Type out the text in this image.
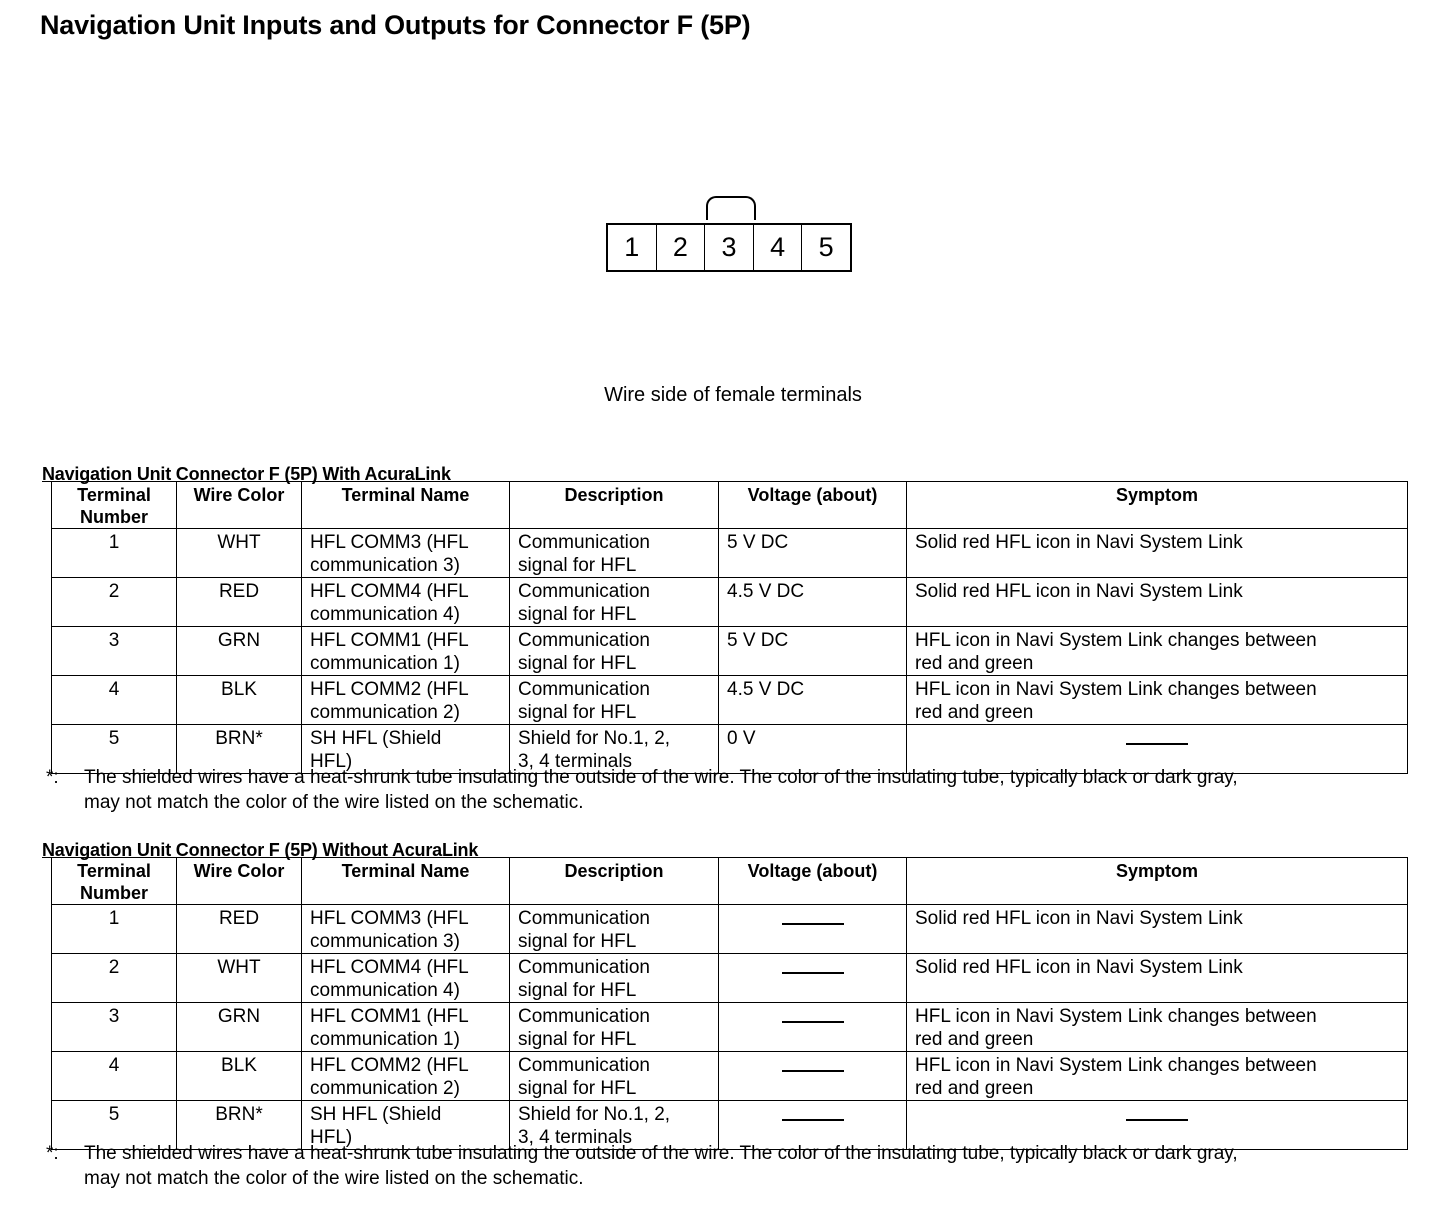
Navigation Unit Inputs and Outputs for Connector F (5P)
1	2	3	4	5
Wire side of female terminals
Navigation Unit Connector F (5P) With AcuraLink
Terminal
Number	Wire Color	Terminal Name	Description	Voltage (about)	Symptom
1	WHT	HFL COMM3 (HFL
communication 3)	Communication
signal for HFL	5 V DC	Solid red HFL icon in Navi System Link

2	RED	HFL COMM4 (HFL
communication 4)	Communication
signal for HFL	4.5 V DC	Solid red HFL icon in Navi System Link

3	GRN	HFL COMM1 (HFL
communication 1)	Communication
signal for HFL	5 V DC	HFL icon in Navi System Link changes between
red and green
4	BLK	HFL COMM2 (HFL
communication 2)	Communication
signal for HFL	4.5 V DC	HFL icon in Navi System Link changes between
red and green
5	BRN*	SH HFL (Shield
HFL)	Shield for No.1, 2,
3, 4 terminals	0 V	
*: The shielded wires have a heat-shrunk tube insulating the outside of the wire. The color of the insulating tube, typically black or dark gray,
may not match the color of the wire listed on the schematic.
Navigation Unit Connector F (5P) Without AcuraLink
Terminal
Number	Wire Color	Terminal Name	Description	Voltage (about)	Symptom
1	RED	HFL COMM3 (HFL
communication 3)	Communication
signal for HFL		Solid red HFL icon in Navi System Link

2	WHT	HFL COMM4 (HFL
communication 4)	Communication
signal for HFL		Solid red HFL icon in Navi System Link

3	GRN	HFL COMM1 (HFL
communication 1)	Communication
signal for HFL		HFL icon in Navi System Link changes between
red and green
4	BLK	HFL COMM2 (HFL
communication 2)	Communication
signal for HFL		HFL icon in Navi System Link changes between
red and green
5	BRN*	SH HFL (Shield
HFL)	Shield for No.1, 2,
3, 4 terminals		
*: The shielded wires have a heat-shrunk tube insulating the outside of the wire. The color of the insulating tube, typically black or dark gray,
may not match the color of the wire listed on the schematic.
